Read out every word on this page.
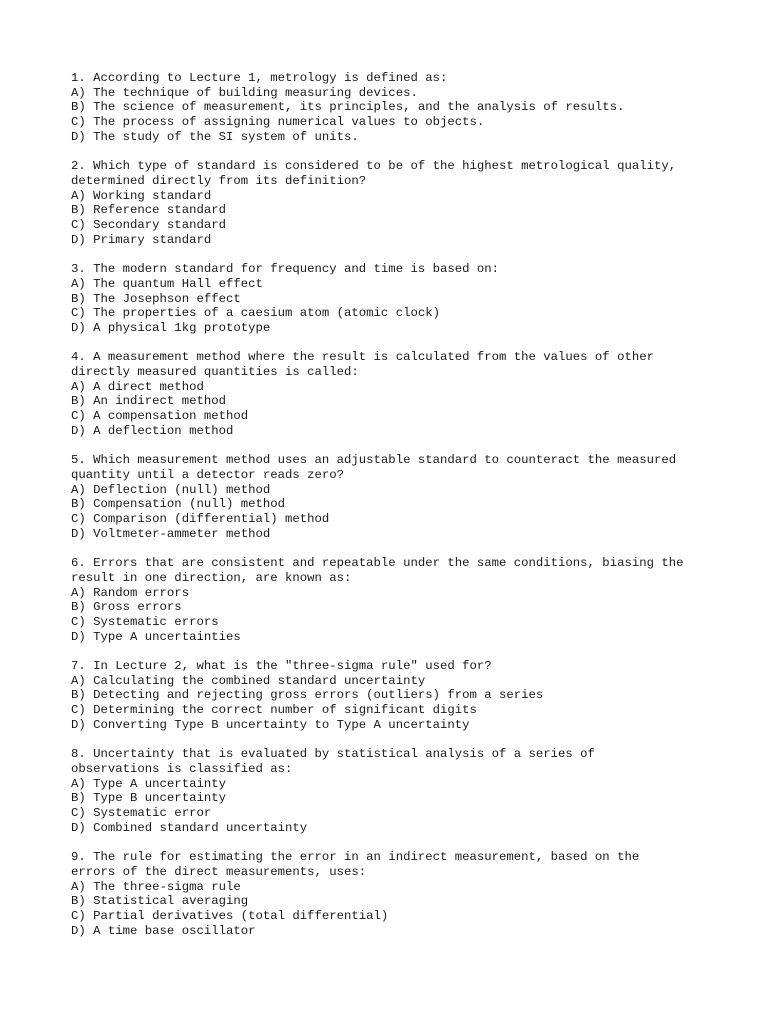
1. According to Lecture 1, metrology is defined as:
A) The technique of building measuring devices.
B) The science of measurement, its principles, and the analysis of results.
C) The process of assigning numerical values to objects.
D) The study of the SI system of units.
2. Which type of standard is considered to be of the highest metrological quality,
determined directly from its definition?
A) Working standard
B) Reference standard
C) Secondary standard
D) Primary standard
3. The modern standard for frequency and time is based on:
A) The quantum Hall effect
B) The Josephson effect
C) The properties of a caesium atom (atomic clock)
D) A physical 1kg prototype
4. A measurement method where the result is calculated from the values of other
directly measured quantities is called:
A) A direct method
B) An indirect method
C) A compensation method
D) A deflection method
5. Which measurement method uses an adjustable standard to counteract the measured
quantity until a detector reads zero?
A) Deflection (null) method
B) Compensation (null) method
C) Comparison (differential) method
D) Voltmeter-ammeter method
6. Errors that are consistent and repeatable under the same conditions, biasing the
result in one direction, are known as:
A) Random errors
B) Gross errors
C) Systematic errors
D) Type A uncertainties
7. In Lecture 2, what is the "three-sigma rule" used for?
A) Calculating the combined standard uncertainty
B) Detecting and rejecting gross errors (outliers) from a series
C) Determining the correct number of significant digits
D) Converting Type B uncertainty to Type A uncertainty
8. Uncertainty that is evaluated by statistical analysis of a series of
observations is classified as:
A) Type A uncertainty
B) Type B uncertainty
C) Systematic error
D) Combined standard uncertainty
9. The rule for estimating the error in an indirect measurement, based on the
errors of the direct measurements, uses:
A) The three-sigma rule
B) Statistical averaging
C) Partial derivatives (total differential)
D) A time base oscillator
